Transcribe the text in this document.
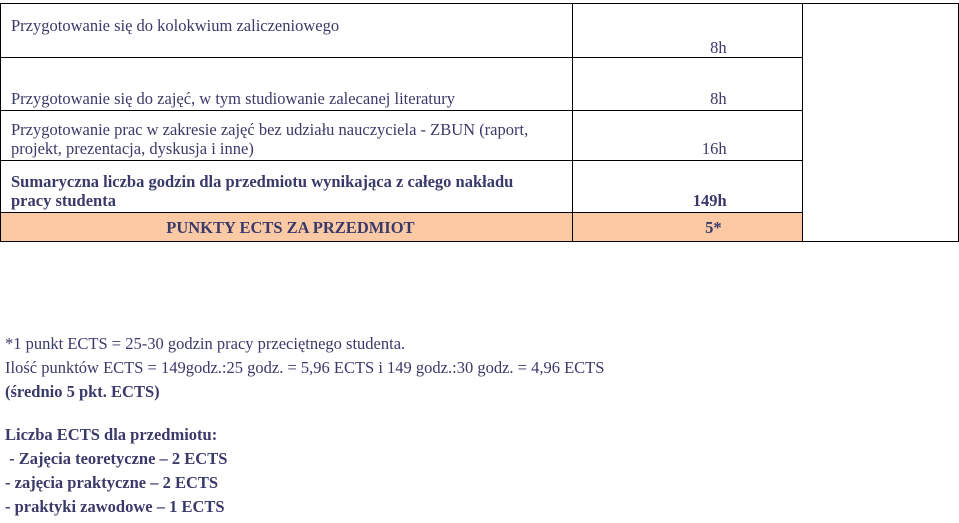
Przygotowanie się do kolokwium zaliczeniowego	8h	
Przygotowanie się do zajęć, w tym studiowanie zalecanej literatury	8h	
Przygotowanie prac w zakresie zajęć bez udziału nauczyciela - ZBUN (raport, projekt, prezentacja, dyskusja i inne)	16h	
Sumaryczna liczba godzin dla przedmiotu wynikająca z całego nakładu pracy studenta	149h	
PUNKTY ECTS ZA PRZEDMIOT	5*	
*1 punkt ECTS = 25-30 godzin pracy przeciętnego studenta.
Ilość punktów ECTS = 149godz.:25 godz. = 5,96 ECTS i 149 godz.:30 godz. = 4,96 ECTS
(średnio 5 pkt. ECTS)
Liczba ECTS dla przedmiotu:
- Zajęcia teoretyczne – 2 ECTS
- zajęcia praktyczne – 2 ECTS
- praktyki zawodowe – 1 ECTS
